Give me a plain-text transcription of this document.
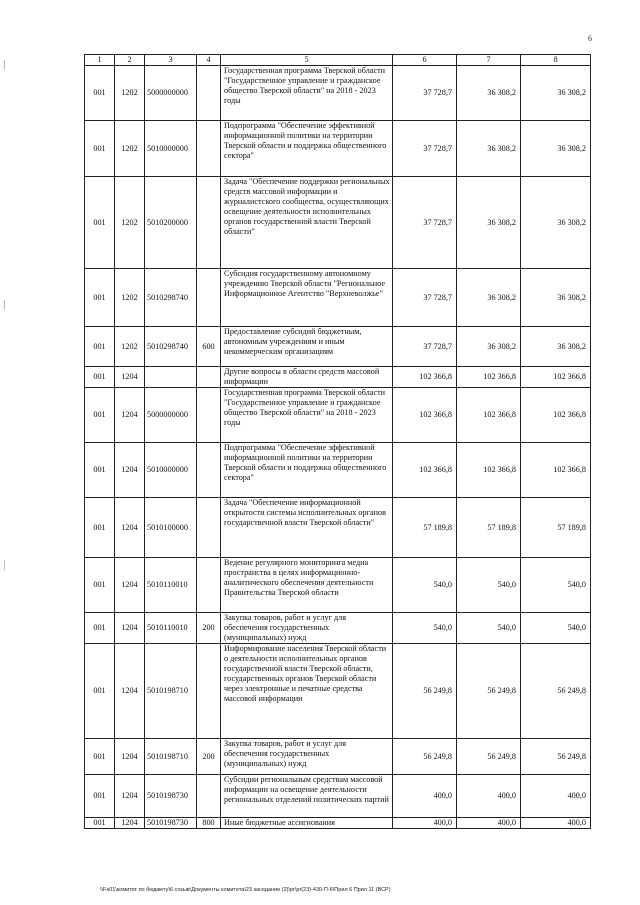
6
1	2	3	4	5	6	7	8
001	1202	5000000000		Государственная программа Тверской области "Государственное управление и гражданское общество Тверской области" на 2018 - 2023 годы	37 728,7	36 308,2	36 308,2
001	1202	5010000000		Подпрограмма "Обеспечение эффективной информационной политики на территории Тверской области и поддержка общественного сектора"	37 728,7	36 308,2	36 308,2
001	1202	5010200000		Задача "Обеспечение поддержки региональных средств массовой информации и журналистского сообщества, осуществляющих освещение деятельности исполнительных органов государственной власти Тверской области"	37 728,7	36 308,2	36 308,2
001	1202	5010298740		Субсидия государственному автономному учреждению Тверской области "Региональное Информационное Агентство "Верхневолжье"	37 728,7	36 308,2	36 308,2
001	1202	5010298740	600	Предоставление субсидий бюджетным, автономным учреждениям и иным некоммерческим организациям	37 728,7	36 308,2	36 308,2
001	1204			Другие вопросы в области средств массовой информации	102 366,8	102 366,8	102 366,8
001	1204	5000000000		Государственная программа Тверской области "Государственное управление и гражданское общество Тверской области" на 2018 - 2023 годы	102 366,8	102 366,8	102 366,8
001	1204	5010000000		Подпрограмма "Обеспечение эффективной информационной политики на территории Тверской области и поддержка общественного сектора"	102 366,8	102 366,8	102 366,8
001	1204	5010100000		Задача "Обеспечение информационной открытости системы исполнительных органов государственной власти Тверской области"	57 189,8	57 189,8	57 189,8
001	1204	5010110010		Ведение регулярного мониторинга медиа пространства в целях информационно-аналитического обеспечения деятельности Правительства Тверской области	540,0	540,0	540,0
001	1204	5010110010	200	Закупка товаров, работ и услуг для обеспечения государственных (муниципальных) нужд	540,0	540,0	540,0
001	1204	5010198710		Информирование населения Тверской области о деятельности исполнительных органов государственной власти Тверской области, государственных органов Тверской области через электронные и печатные средства массовой информации	56 249,8	56 249,8	56 249,8
001	1204	5010198710	200	Закупка товаров, работ и услуг для обеспечения государственных (муниципальных) нужд	56 249,8	56 249,8	56 249,8
001	1204	5010198730		Субсидии региональным средствам массовой информации на освещение деятельности региональных отделений политических партий	400,0	400,0	400,0
001	1204	5010198730	800	Иные бюджетные ассигнования	400,0	400,0	400,0
\\Fs01\комитет по бюджету\6 созыв\Документы комитета\23 заседание (2)\pr\pr(23)-430-П-6\Прил 6 Прил 11 (ВСР)
